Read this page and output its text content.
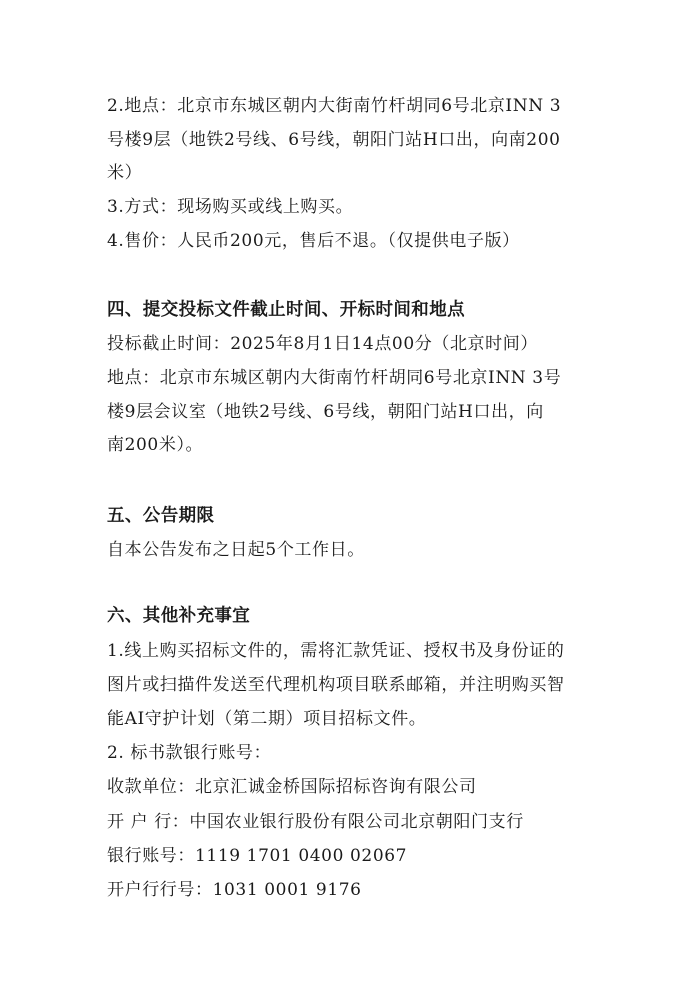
2.地点：北京市东城区朝内大街南竹杆胡同6号北京INN 3
号楼9层（地铁2号线、6号线，朝阳门站H口出，向南200
米）
3.方式：现场购买或线上购买。
4.售价：人民币200元，售后不退。（仅提供电子版）
四、提交投标文件截止时间、开标时间和地点
投标截止时间：2025年8月1日14点00分（北京时间）
地点：北京市东城区朝内大街南竹杆胡同6号北京INN 3号
楼9层会议室（地铁2号线、6号线，朝阳门站H口出，向
南200米）。
五、公告期限
自本公告发布之日起5个工作日。
六、其他补充事宜
1.线上购买招标文件的，需将汇款凭证、授权书及身份证的
图片或扫描件发送至代理机构项目联系邮箱，并注明购买智
能AI守护计划（第二期）项目招标文件。
2. 标书款银行账号：
收款单位：北京汇诚金桥国际招标咨询有限公司
开 户 行：中国农业银行股份有限公司北京朝阳门支行
银行账号：1119 1701 0400 02067
开户行行号：1031 0001 9176
